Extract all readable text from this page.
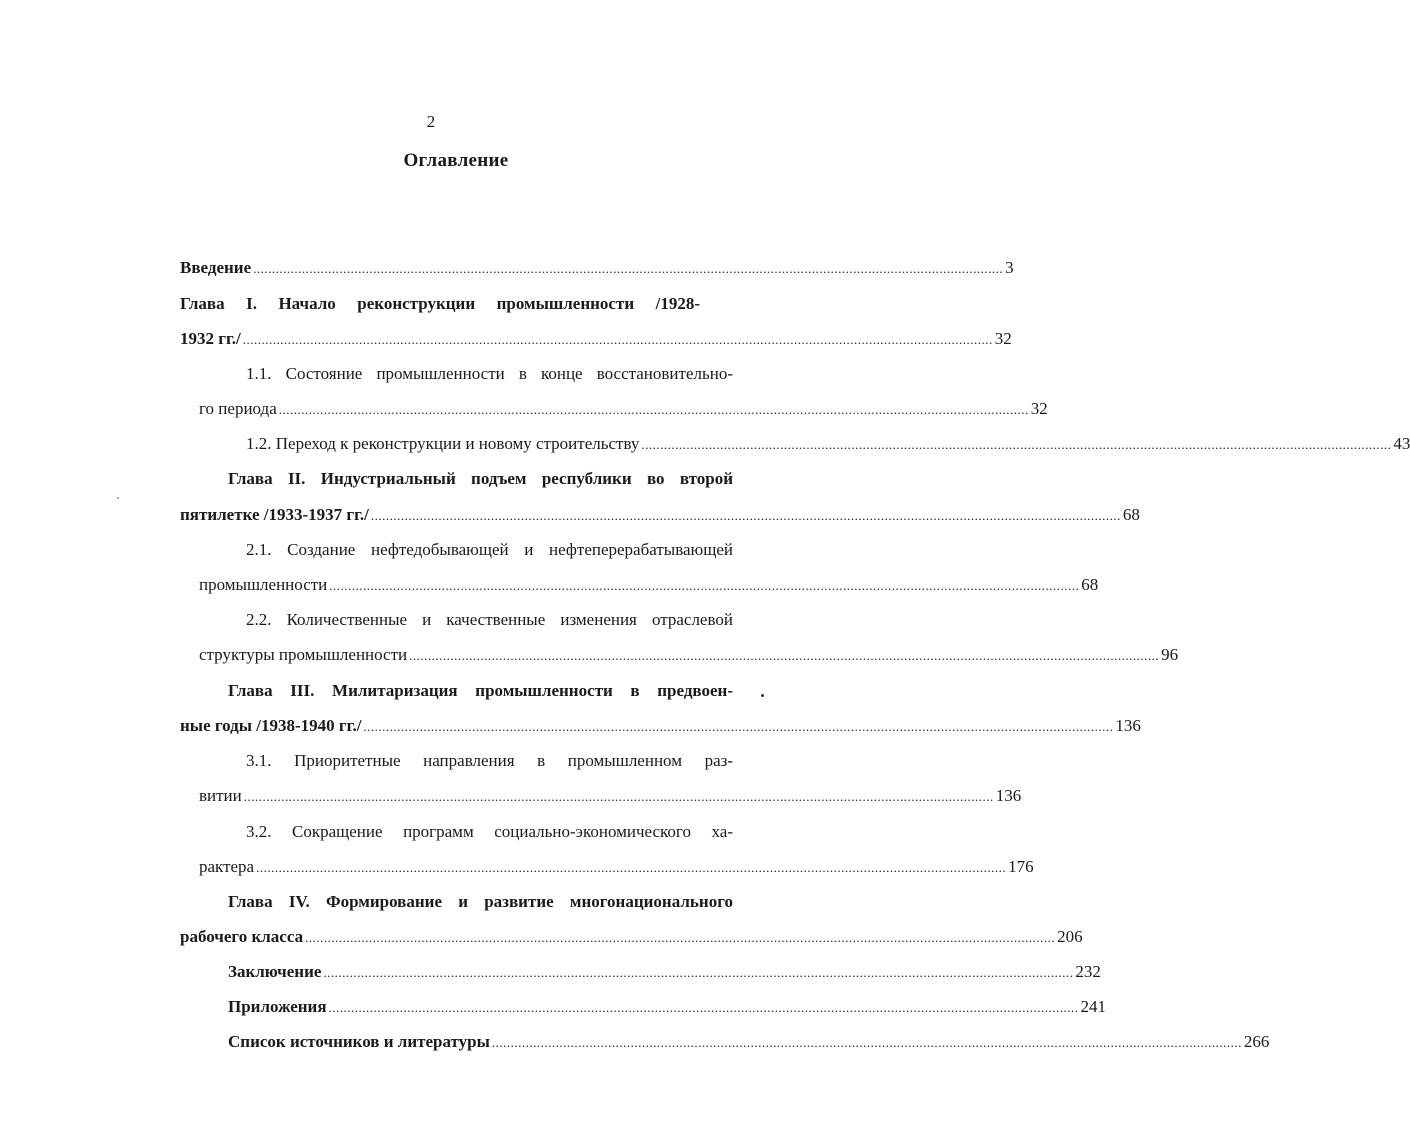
2
Оглавление
Введение ........................................................................................................................................................................................................ 3
Глава I. Начало реконструкции промышленности /1928-
1932 гг./ ........................................................................................................................................................................................................ 32
1.1. Состояние промышленности в конце восстановительно-
го периода ........................................................................................................................................................................................................ 32
1.2. Переход к реконструкции и новому строительству ........................................................................................................................................................................................................ 43
Глава II. Индустриальный подъем республики во второй
пятилетке /1933-1937 гг./ ........................................................................................................................................................................................................ 68
2.1. Создание нефтедобывающей и нефтеперерабатывающей
промышленности ........................................................................................................................................................................................................ 68
2.2. Количественные и качественные изменения отраслевой
структуры промышленности ........................................................................................................................................................................................................ 96
Глава III. Милитаризация промышленности в предвоен-
ные годы /1938-1940 гг./ ........................................................................................................................................................................................................ 136
3.1. Приоритетные направления в промышленном раз-
витии ........................................................................................................................................................................................................ 136
3.2. Сокращение программ социально-экономического ха-
рактера ........................................................................................................................................................................................................ 176
Глава IV. Формирование и развитие многонационального
рабочего класса ........................................................................................................................................................................................................ 206
Заключение ........................................................................................................................................................................................................ 232
Приложения ........................................................................................................................................................................................................ 241
Список источников и литературы ........................................................................................................................................................................................................ 266
